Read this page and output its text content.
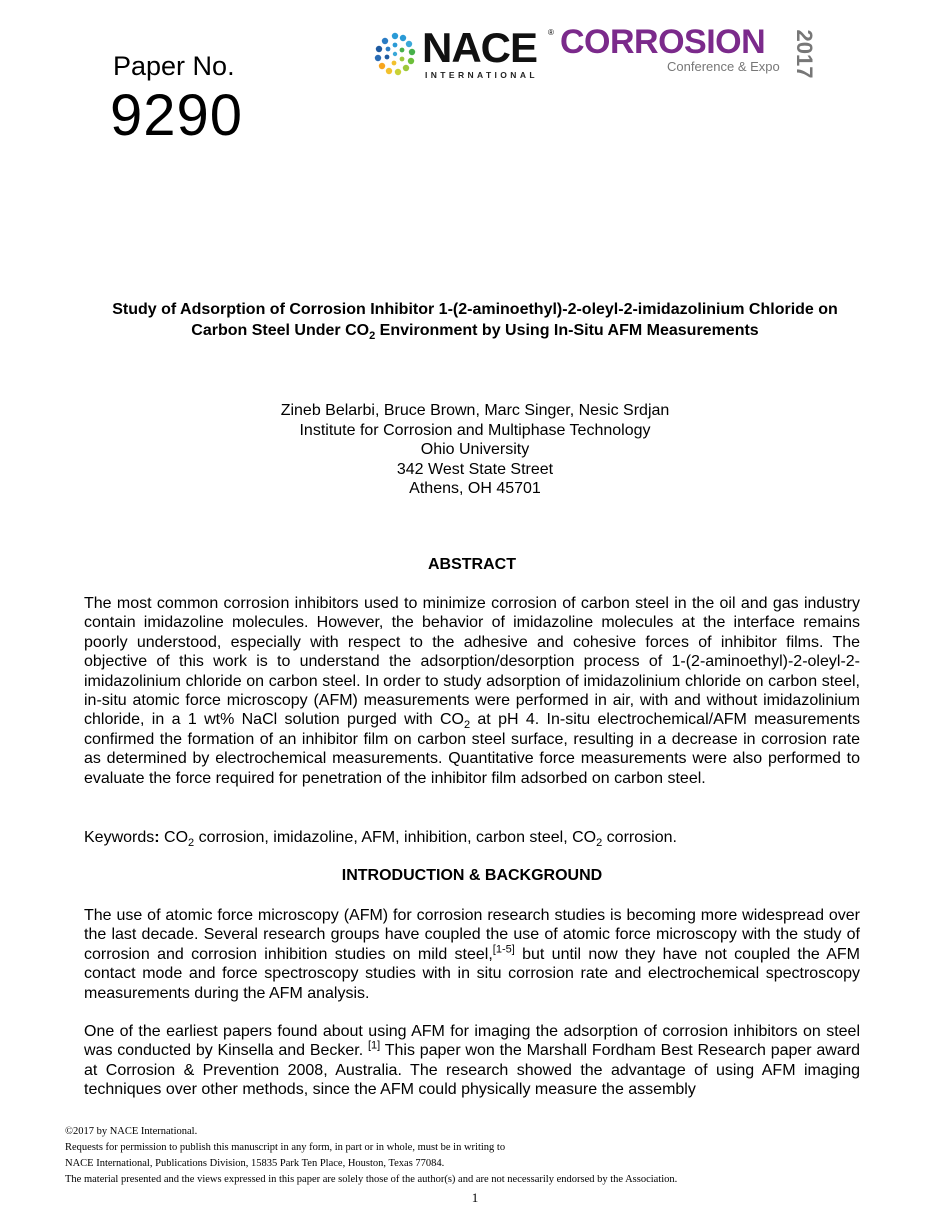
Paper No.
9290
NACE ®
INTERNATIONAL
CORROSION
Conference & Expo 2017
Study of Adsorption of Corrosion Inhibitor 1-(2-aminoethyl)-2-oleyl-2-imidazolinium Chloride on
Carbon Steel Under $CO_2$ Environment by Using In-Situ AFM Measurements
Zineb Belarbi, Bruce Brown, Marc Singer, Nesic Srdjan
Institute for Corrosion and Multiphase Technology
Ohio University
342 West State Street
Athens, OH 45701
ABSTRACT
The most common corrosion inhibitors used to minimize corrosion of carbon steel in the oil and gas industry contain imidazoline molecules. However, the behavior of imidazoline molecules at the interface remains poorly understood, especially with respect to the adhesive and cohesive forces of inhibitor films. The objective of this work is to understand the adsorption/desorption process of 1-(2-aminoethyl)-2-oleyl-2-imidazolinium chloride on carbon steel. In order to study adsorption of imidazolinium chloride on carbon steel, in-situ atomic force microscopy (AFM) measurements were performed in air, with and without imidazolinium chloride, in a 1 wt% NaCl solution purged with $CO_2$ at pH 4. In-situ electrochemical/AFM measurements confirmed the formation of an inhibitor film on carbon steel surface, resulting in a decrease in corrosion rate as determined by electrochemical measurements. Quantitative force measurements were also performed to evaluate the force required for penetration of the inhibitor film adsorbed on carbon steel.
Keywords: $CO_2$ corrosion, imidazoline, AFM, inhibition, carbon steel, $CO_2$ corrosion.
INTRODUCTION & BACKGROUND
The use of atomic force microscopy (AFM) for corrosion research studies is becoming more widespread over the last decade. Several research groups have coupled the use of atomic force microscopy with the study of corrosion and corrosion inhibition studies on mild steel,[1-5] but until now they have not coupled the AFM contact mode and force spectroscopy studies with in situ corrosion rate and electrochemical spectroscopy measurements during the AFM analysis.
One of the earliest papers found about using AFM for imaging the adsorption of corrosion inhibitors on steel was conducted by Kinsella and Becker. [1] This paper won the Marshall Fordham Best Research paper award at Corrosion & Prevention 2008, Australia. The research showed the advantage of using AFM imaging techniques over other methods, since the AFM could physically measure the assembly
©2017 by NACE International.
Requests for permission to publish this manuscript in any form, in part or in whole, must be in writing to
NACE International, Publications Division, 15835 Park Ten Place, Houston, Texas 77084.
The material presented and the views expressed in this paper are solely those of the author(s) and are not necessarily endorsed by the Association.
1
